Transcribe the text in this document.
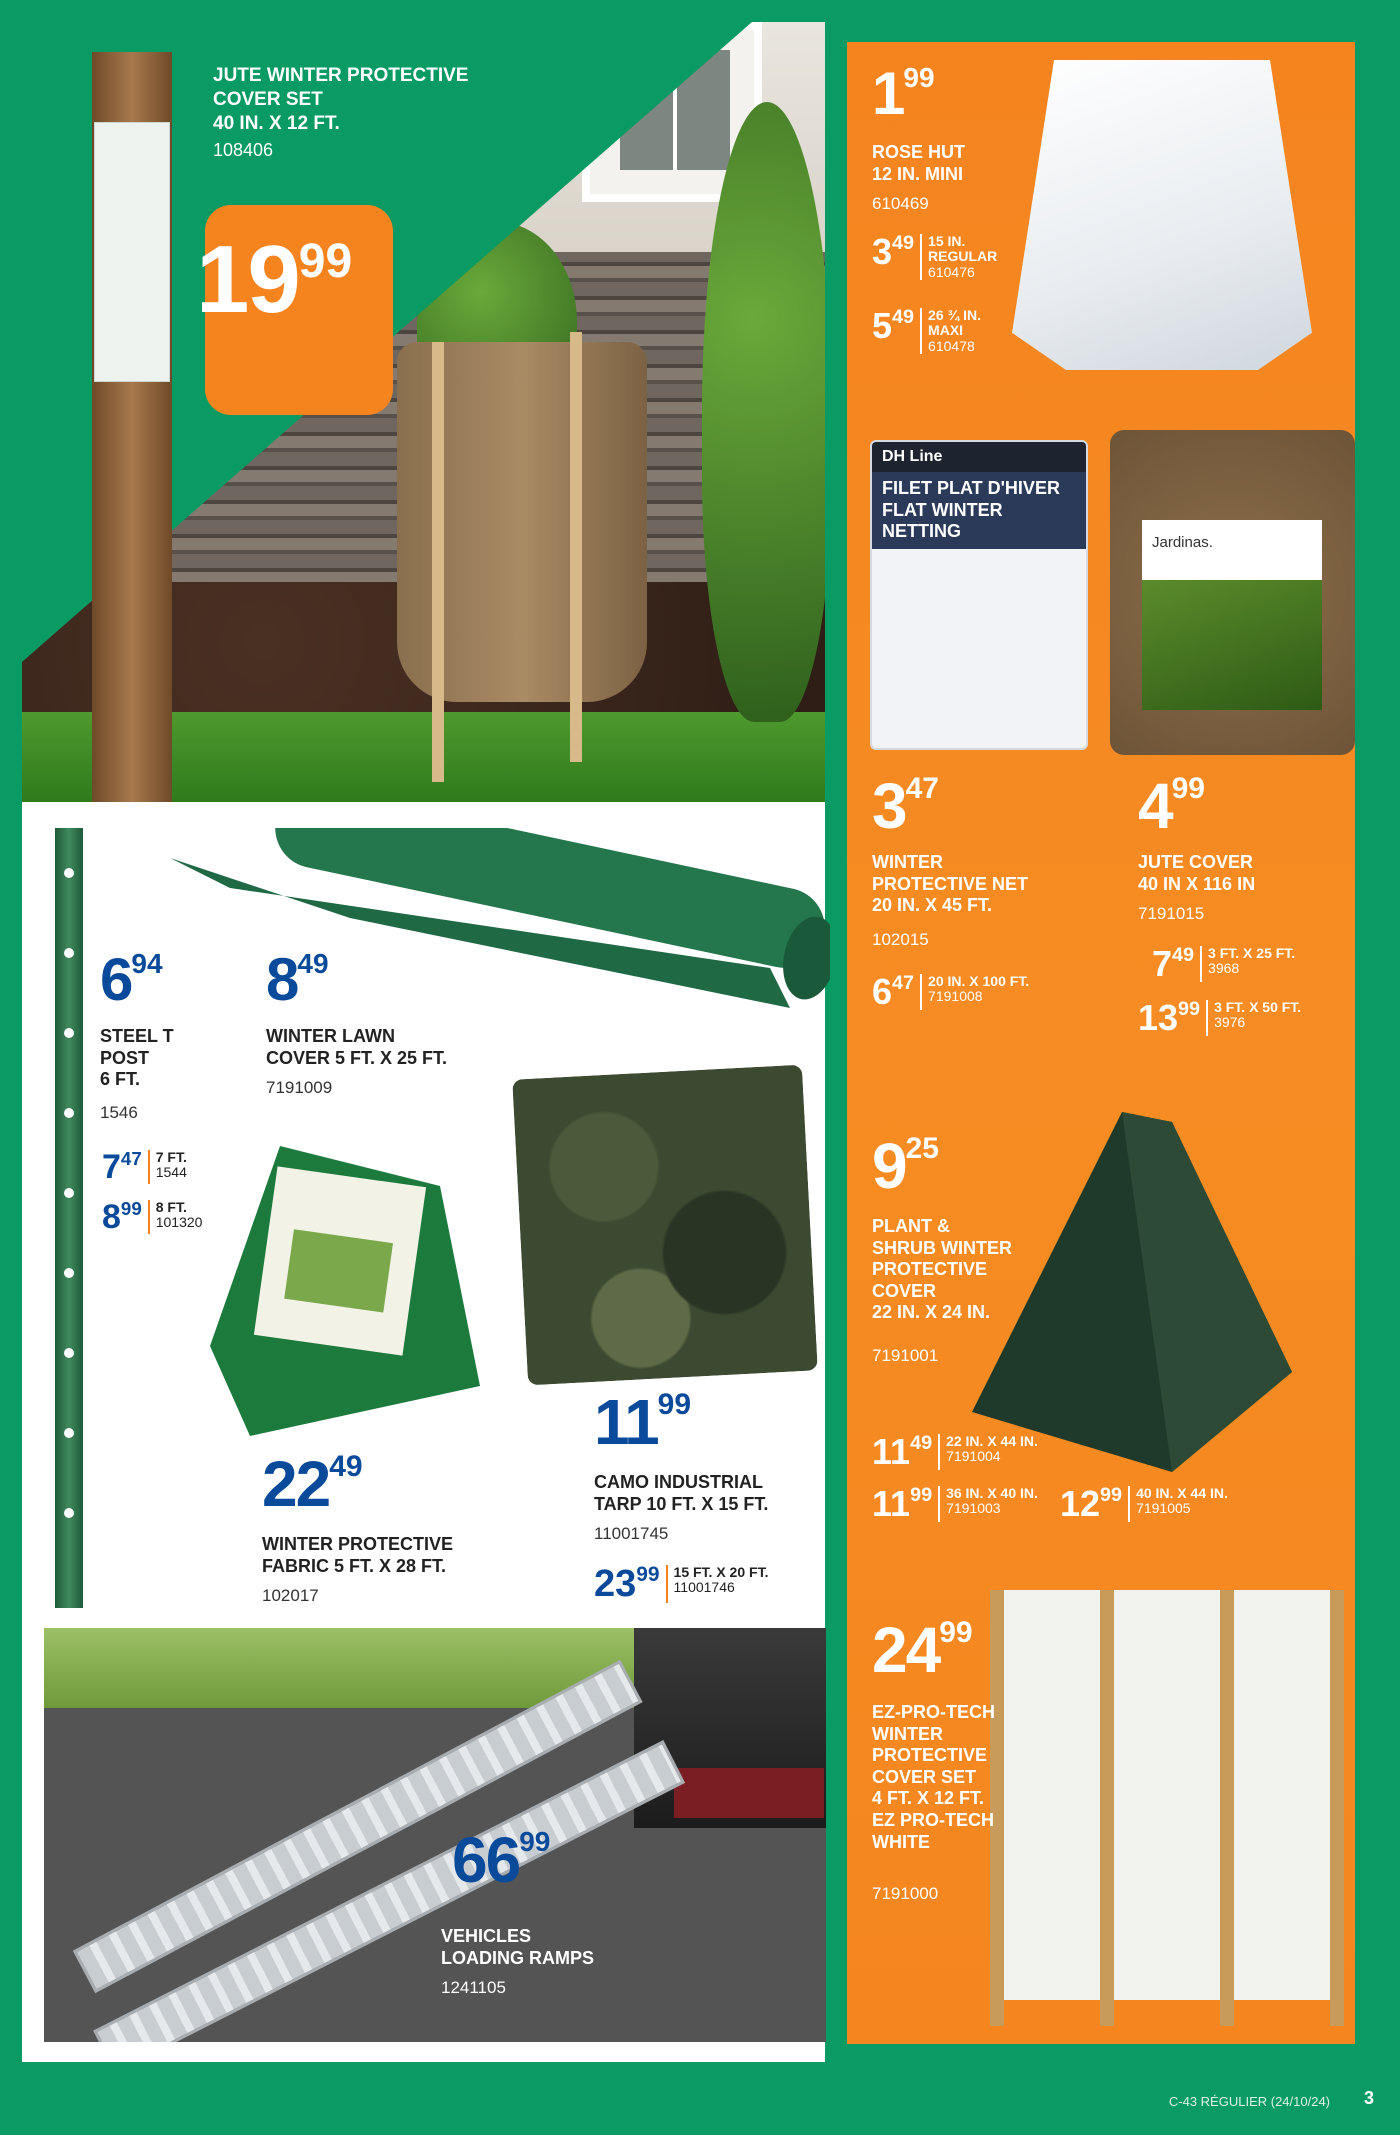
JUTE WINTER PROTECTIVE
COVER SET
40 IN. X 12 FT.
108406
1999
694
STEEL T
POST
6 FT.
1546
$7^{47}$ 7 FT.
1544
$8^{99}$ 8 FT.
101320
849
WINTER LAWN
COVER 5 FT. X 25 FT.
7191009
2249
WINTER PROTECTIVE
FABRIC 5 FT. X 28 FT.
102017
1199
CAMO INDUSTRIAL
TARP 10 FT. X 15 FT.
11001745
$23^{99}$ 15 FT. X 20 FT.
11001746
6699
VEHICLES
LOADING RAMPS
1241105
DH Line
FILET PLAT D'HIVER
FLAT WINTER NETTING
Jardinas.
199
ROSE HUT
12 IN. MINI
610469
$3^{49}$ 15 IN.
REGULAR
610476
$5^{49}$ 26 ¾ IN.
MAXI
610478
347
WINTER
PROTECTIVE NET
20 IN. X 45 FT.
102015
$6^{47}$ 20 IN. X 100 FT.
7191008
499
JUTE COVER
40 IN X 116 IN
7191015
$7^{49}$ 3 FT. X 25 FT.
3968
$13^{99}$ 3 FT. X 50 FT.
3976
925
PLANT &
SHRUB WINTER
PROTECTIVE
COVER
22 IN. X 24 IN.
7191001
$11^{49}$ 22 IN. X 44 IN.
7191004
$11^{99}$ 36 IN. X 40 IN.
7191003	$12^{99}$ 40 IN. X 44 IN.
7191005
2499
EZ-PRO-TECH
WINTER
PROTECTIVE
COVER SET
4 FT. X 12 FT.
EZ PRO-TECH
WHITE
7191000
C-43 RÉGULIER (24/10/24) 3
